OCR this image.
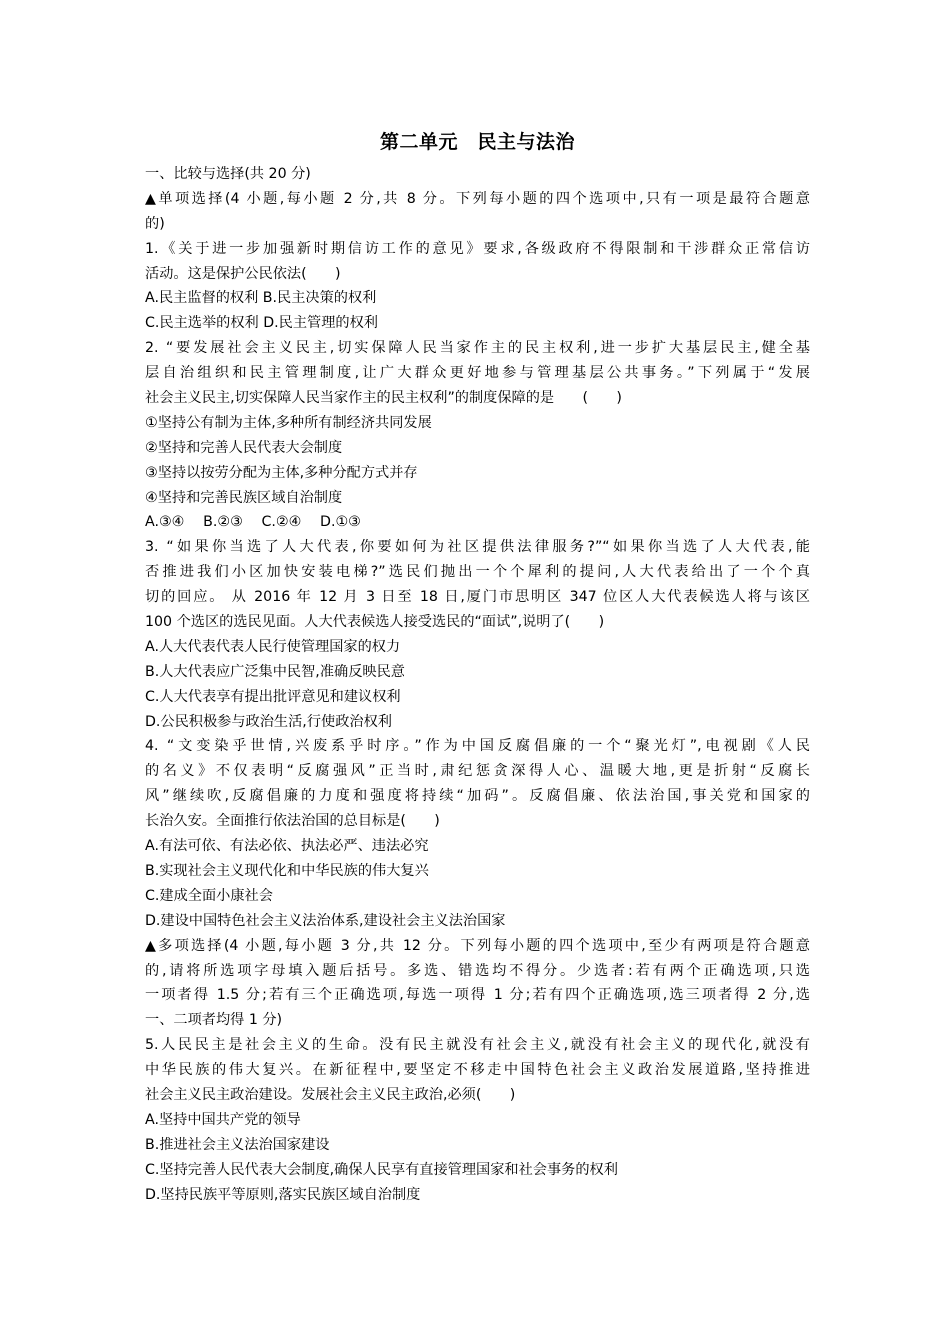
第二单元　民主与法治
一、比较与选择(共 20 分)
▲单项选择(4 小题,每小题 2 分,共 8 分。下列每小题的四个选项中,只有一项是最符合题意
的)
1.《关于进一步加强新时期信访工作的意见》要求,各级政府不得限制和干涉群众正常信访
活动。这是保护公民依法(　　)
A.民主监督的权利 B.民主决策的权利
C.民主选举的权利 D.民主管理的权利
2. “要发展社会主义民主,切实保障人民当家作主的民主权利,进一步扩大基层民主,健全基
层自治组织和民主管理制度,让广大群众更好地参与管理基层公共事务。”下列属于“发展
社会主义民主,切实保障人民当家作主的民主权利”的制度保障的是　　(　　)
①坚持公有制为主体,多种所有制经济共同发展
②坚持和完善人民代表大会制度
③坚持以按劳分配为主体,多种分配方式并存
④坚持和完善民族区域自治制度
A.③④　 B.②③　 C.②④　 D.①③
3. “如果你当选了人大代表,你要如何为社区提供法律服务?”“如果你当选了人大代表,能
否推进我们小区加快安装电梯?”选民们抛出一个个犀利的提问,人大代表给出了一个个真
切的回应。 从 2016 年 12 月 3 日至 18 日,厦门市思明区 347 位区人大代表候选人将与该区
100 个选区的选民见面。人大代表候选人接受选民的“面试”,说明了(　　)
A.人大代表代表人民行使管理国家的权力
B.人大代表应广泛集中民智,准确反映民意
C.人大代表享有提出批评意见和建议权利
D.公民积极参与政治生活,行使政治权利
4. “文变染乎世情,兴废系乎时序。”作为中国反腐倡廉的一个“聚光灯”,电视剧《人民
的名义》不仅表明“反腐强风”正当时,肃纪惩贪深得人心、温暖大地,更是折射“反腐长
风”继续吹,反腐倡廉的力度和强度将持续“加码”。反腐倡廉、依法治国,事关党和国家的
长治久安。全面推行依法治国的总目标是(　　)
A.有法可依、有法必依、执法必严、违法必究
B.实现社会主义现代化和中华民族的伟大复兴
C.建成全面小康社会
D.建设中国特色社会主义法治体系,建设社会主义法治国家
▲多项选择(4 小题,每小题 3 分,共 12 分。下列每小题的四个选项中,至少有两项是符合题意
的,请将所选项字母填入题后括号。多选、错选均不得分。少选者:若有两个正确选项,只选
一项者得 1.5 分;若有三个正确选项,每选一项得 1 分;若有四个正确选项,选三项者得 2 分,选
一、二项者均得 1 分)
5.人民民主是社会主义的生命。没有民主就没有社会主义,就没有社会主义的现代化,就没有
中华民族的伟大复兴。在新征程中,要坚定不移走中国特色社会主义政治发展道路,坚持推进
社会主义民主政治建设。发展社会主义民主政治,必须(　　)
A.坚持中国共产党的领导
B.推进社会主义法治国家建设
C.坚持完善人民代表大会制度,确保人民享有直接管理国家和社会事务的权利
D.坚持民族平等原则,落实民族区域自治制度
